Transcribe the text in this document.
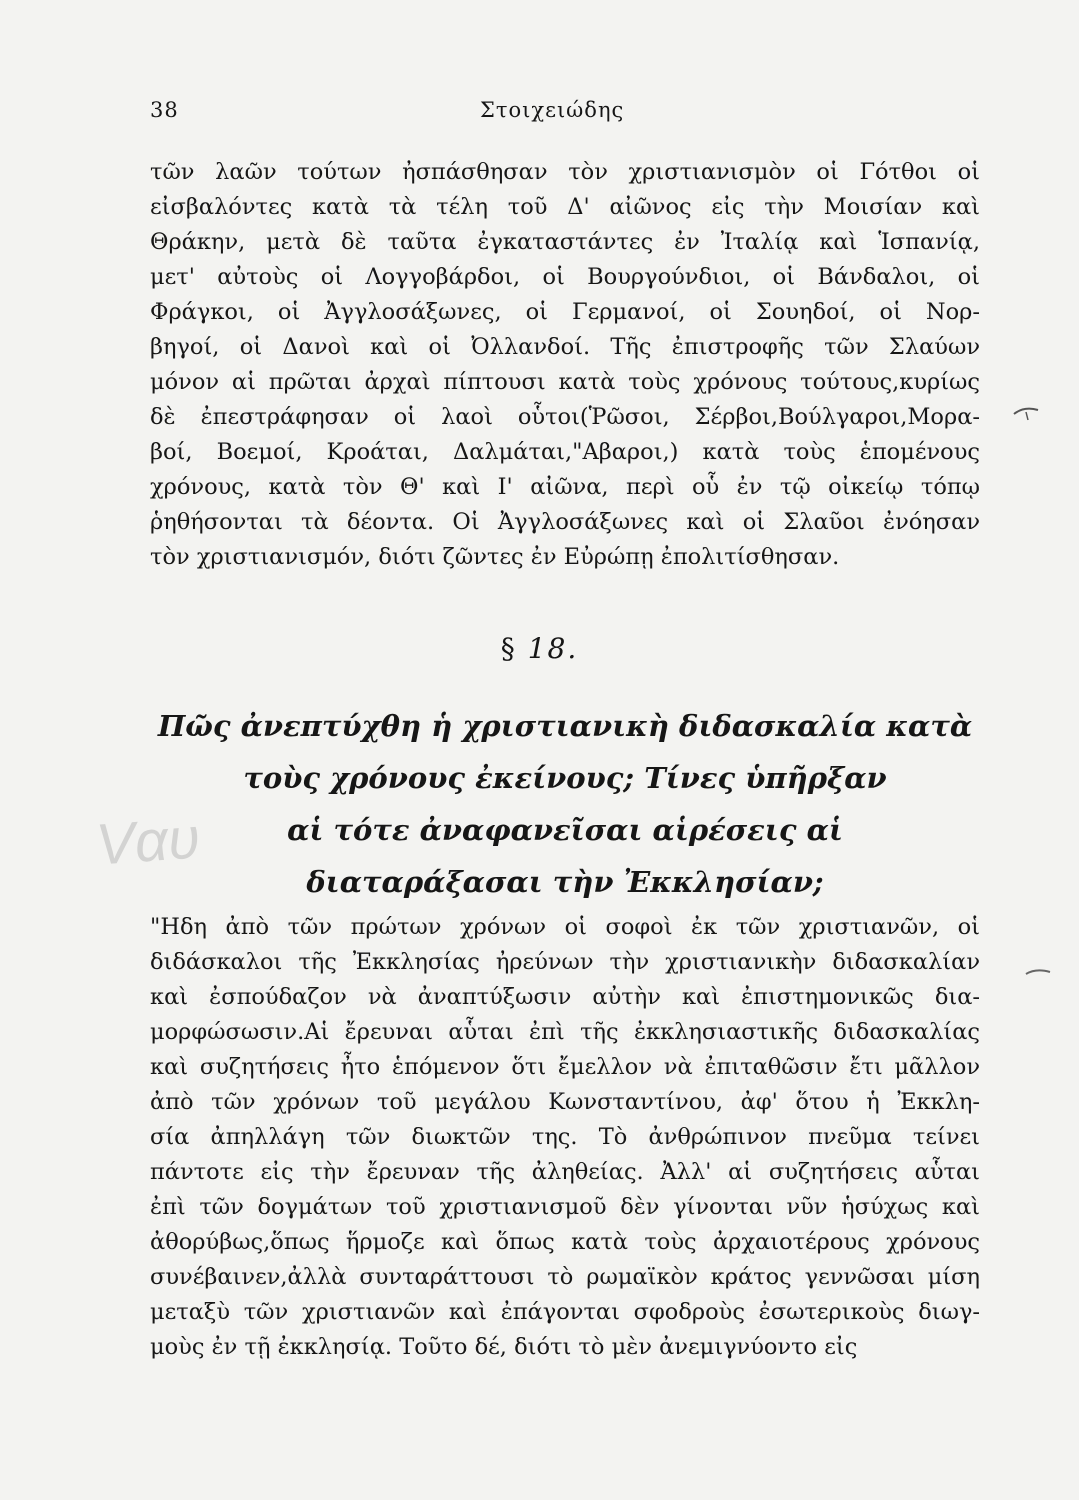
38	Στοιχειώδης
τῶν λαῶν τούτων ἠσπάσθησαν τὸν χριστιανισμὸν οἱ Γότθοι οἱ
εἰσβαλόντες κατὰ τὰ τέλη τοῦ Δ' αἰῶνος εἰς τὴν Μοισίαν καὶ
Θράκην, μετὰ δὲ ταῦτα ἐγκαταστάντες ἐν Ἰταλίᾳ καὶ Ἱσπανίᾳ,
μετ' αὐτοὺς οἱ Λογγοβάρδοι, οἱ Βουργούνδιοι, οἱ Βάνδαλοι, οἱ
Φράγκοι, οἱ Ἀγγλοσάξωνες, οἱ Γερμανοί, οἱ Σουηδοί, οἱ Νορ-
βηγοί, οἱ Δανοὶ καὶ οἱ Ὀλλανδοί. Τῆς ἐπιστροφῆς τῶν Σλαύων
μόνον αἱ πρῶται ἀρχαὶ πίπτουσι κατὰ τοὺς χρόνους τούτους,κυρίως
δὲ ἐπεστράφησαν οἱ λαοὶ οὗτοι(Ῥῶσοι, Σέρβοι,Βούλγαροι,Μορα-
βοί, Βοεμοί, Κροάται, Δαλμάται,"Αβαροι,) κατὰ τοὺς ἑπομένους
χρόνους, κατὰ τὸν Θ' καὶ Ι' αἰῶνα, περὶ οὗ ἐν τῷ οἰκείῳ τόπῳ
ῥηθήσονται τὰ δέοντα. Οἱ Ἀγγλοσάξωνες καὶ οἱ Σλαῦοι ἐνόησαν
τὸν χριστιανισμόν, διότι ζῶντες ἐν Εὐρώπῃ ἐπολιτίσθησαν.
§ 18.
Πῶς ἀνεπτύχθη ἡ χριστιανικὴ διδασκαλία κατὰ
τοὺς χρόνους ἐκείνους; Τίνες ὑπῆρξαν
αἱ τότε ἀναφανεῖσαι αἱρέσεις αἱ
διαταράξασαι τὴν Ἐκκλησίαν;
Vαυ
"Ηδη ἀπὸ τῶν πρώτων χρόνων οἱ σοφοὶ ἐκ τῶν χριστιανῶν, οἱ
διδάσκαλοι τῆς Ἐκκλησίας ἠρεύνων τὴν χριστιανικὴν διδασκαλίαν
καὶ ἐσπούδαζον νὰ ἀναπτύξωσιν αὐτὴν καὶ ἐπιστημονικῶς δια-
μορφώσωσιν.Αἱ ἔρευναι αὗται ἐπὶ τῆς ἐκκλησιαστικῆς διδασκαλίας
καὶ συζητήσεις ἦτο ἑπόμενον ὅτι ἔμελλον νὰ ἐπιταθῶσιν ἔτι μᾶλλον
ἀπὸ τῶν χρόνων τοῦ μεγάλου Κωνσταντίνου, ἀφ' ὅτου ἡ Ἐκκλη-
σία ἀπηλλάγη τῶν διωκτῶν της. Τὸ ἀνθρώπινον πνεῦμα τείνει
πάντοτε εἰς τὴν ἔρευναν τῆς ἀληθείας. Ἀλλ' αἱ συζητήσεις αὗται
ἐπὶ τῶν δογμάτων τοῦ χριστιανισμοῦ δὲν γίνονται νῦν ἡσύχως καὶ
ἀθορύβως,ὅπως ἥρμοζε καὶ ὅπως κατὰ τοὺς ἀρχαιοτέρους χρόνους
συνέβαινεν,ἀλλὰ συνταράττουσι τὸ ρωμαϊκὸν κράτος γεννῶσαι μίση
μεταξὺ τῶν χριστιανῶν καὶ ἐπάγονται σφοδροὺς ἐσωτερικοὺς διωγ-
μοὺς ἐν τῇ ἐκκλησίᾳ. Τοῦτο δέ, διότι τὸ μὲν ἀνεμιγνύοντο εἰς
